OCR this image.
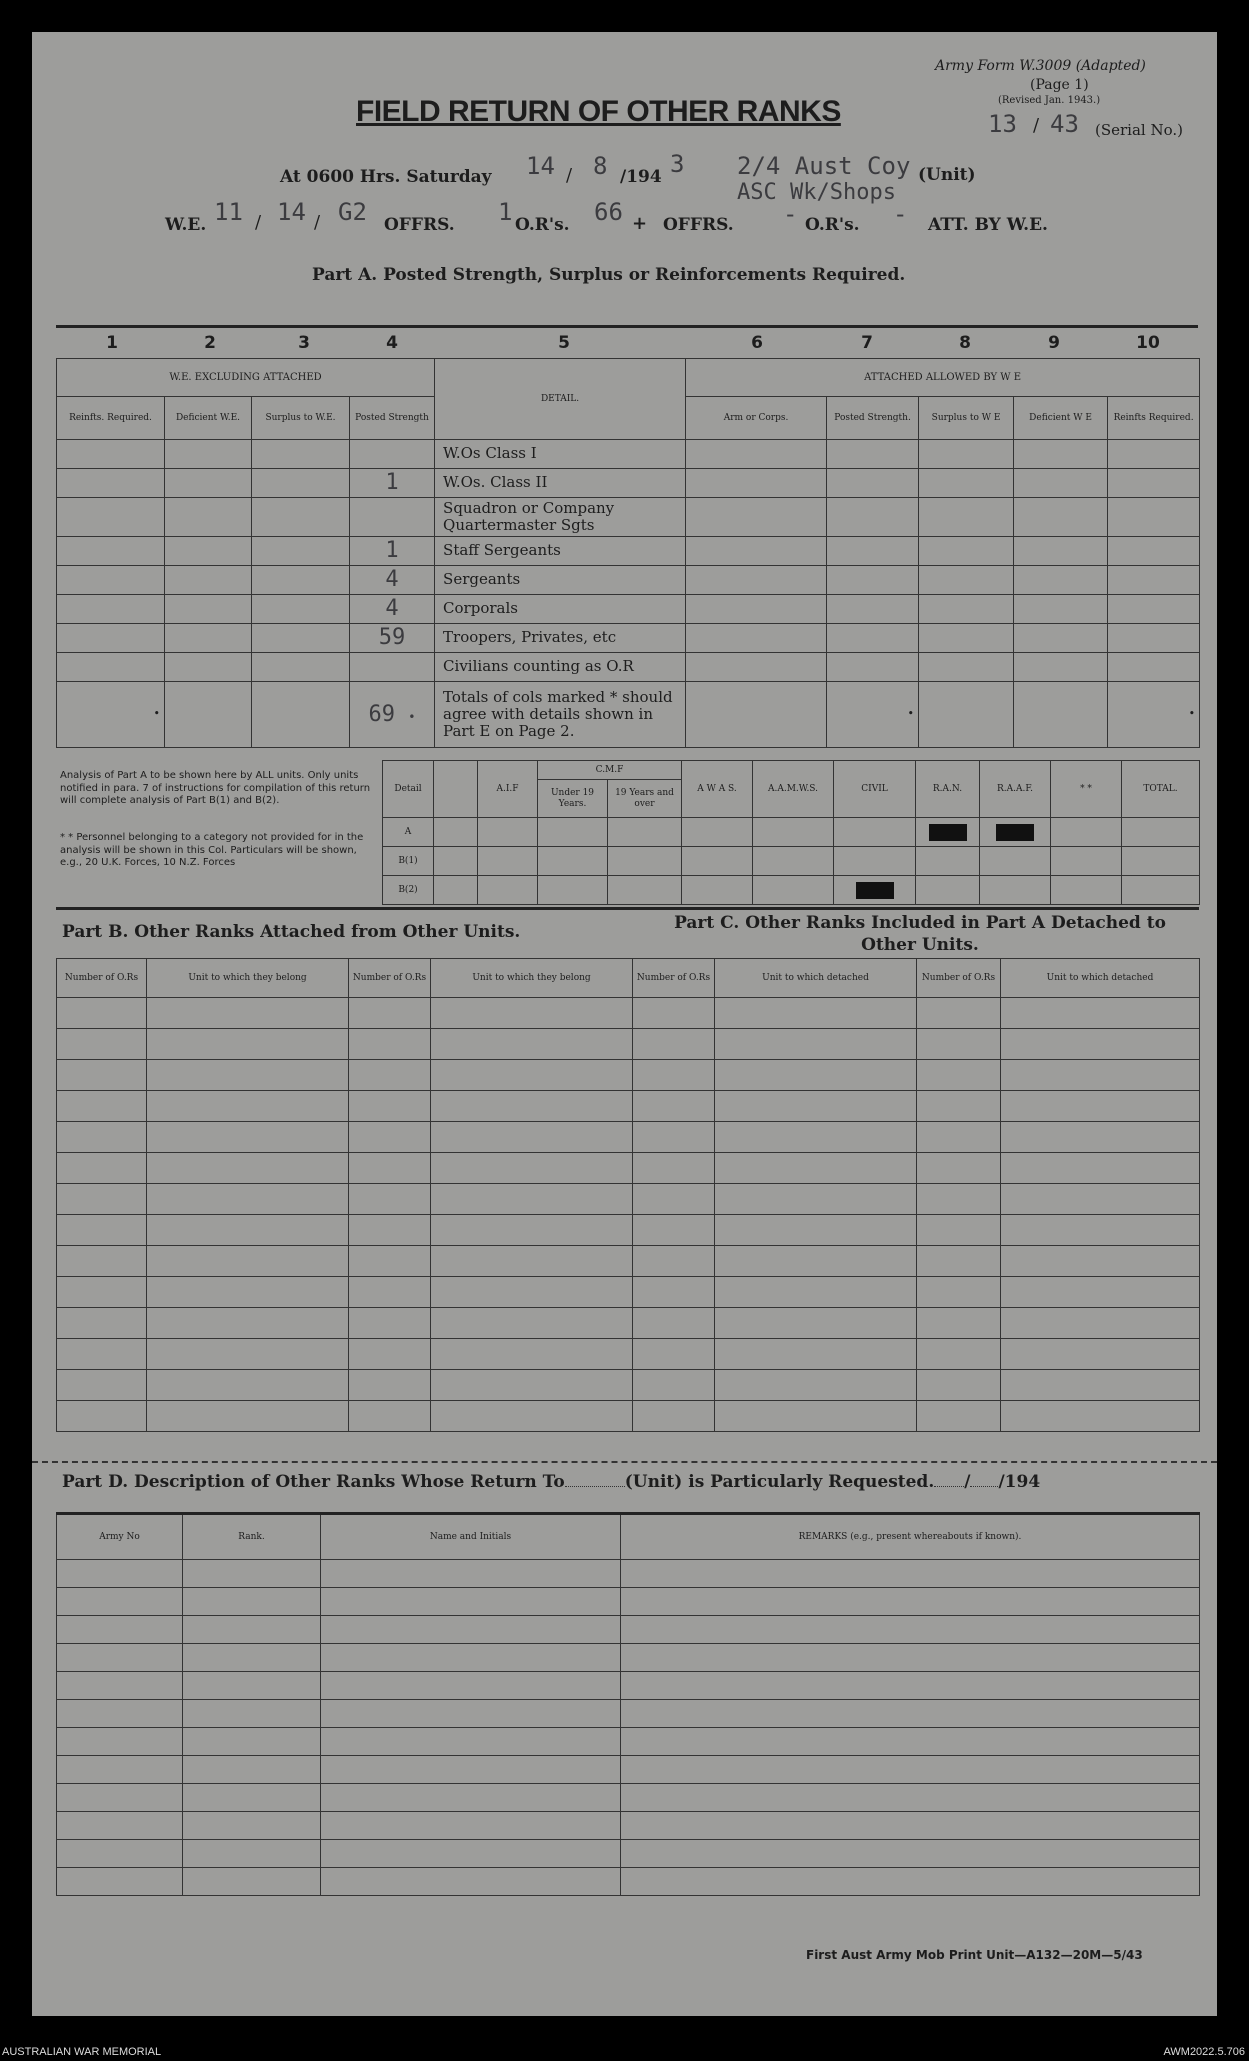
Army Form W.3009 (Adapted)
(Page 1)
(Revised Jan. 1943.)
13 / 43 (Serial No.)
FIELD RETURN OF OTHER RANKS
At 0600 Hrs. Saturday 14 / 8 /194 3 2/4 Aust Coy (Unit)
ASC Wk/Shops
W.E. 11 / 14 / G2 OFFRS. 1 O.R's. 66 + OFFRS. - O.R's. - ATT. BY W.E.
Part A. Posted Strength, Surplus or Reinforcements Required.
1	2	3	4	5	6	7	8	9	10
W.E. EXCLUDING ATTACHED				DETAIL.	ATTACHED ALLOWED BY W E				
Reinfts. Required.	Deficient W.E.	Surplus to W.E.	Posted Strength		Arm or Corps.	Posted Strength.	Surplus to W E	Deficient W E	Reinfts Required.
				W.Os Class I					
			1	W.Os. Class II					
				Squadron or Company Quartermaster Sgts					
			1	Staff Sergeants					
			4	Sergeants					
			4	Corporals					
			59	Troopers, Privates, etc					
				Civilians counting as O.R					
•			69 •	Totals of cols marked * should agree with details shown in Part E on Page 2.		•			•
Analysis of Part A to be shown here by ALL units. Only units notified in para. 7 of instructions for compilation of this return will complete analysis of Part B(1) and B(2).
* * Personnel belonging to a category not provided for in the analysis will be shown in this Col. Particulars will be shown, e.g., 20 U.K. Forces, 10 N.Z. Forces
Detail		A.I.F	C.M.F		A W A S.	A.A.M.W.S.	CIVIL	R.A.N.	R.A.A.F.	* *	TOTAL.
			Under 19 Years.	19 Years and over							
A											
B(1)											
B(2)											
Part B. Other Ranks Attached from Other Units.	Part C. Other Ranks Included in Part A Detached to Other Units.
Number of O.Rs	Unit to which they belong	Number of O.Rs	Unit to which they belong	Number of O.Rs	Unit to which detached	Number of O.Rs	Unit to which detached

Part D. Description of Other Ranks Whose Return To	(Unit) is Particularly Requested. / /194
Army No	Rank.	Name and Initials	REMARKS (e.g., present whereabouts if known).

First Aust Army Mob Print Unit—A132—20M—5/43
AUSTRALIAN WAR MEMORIAL	AWM2022.5.706
